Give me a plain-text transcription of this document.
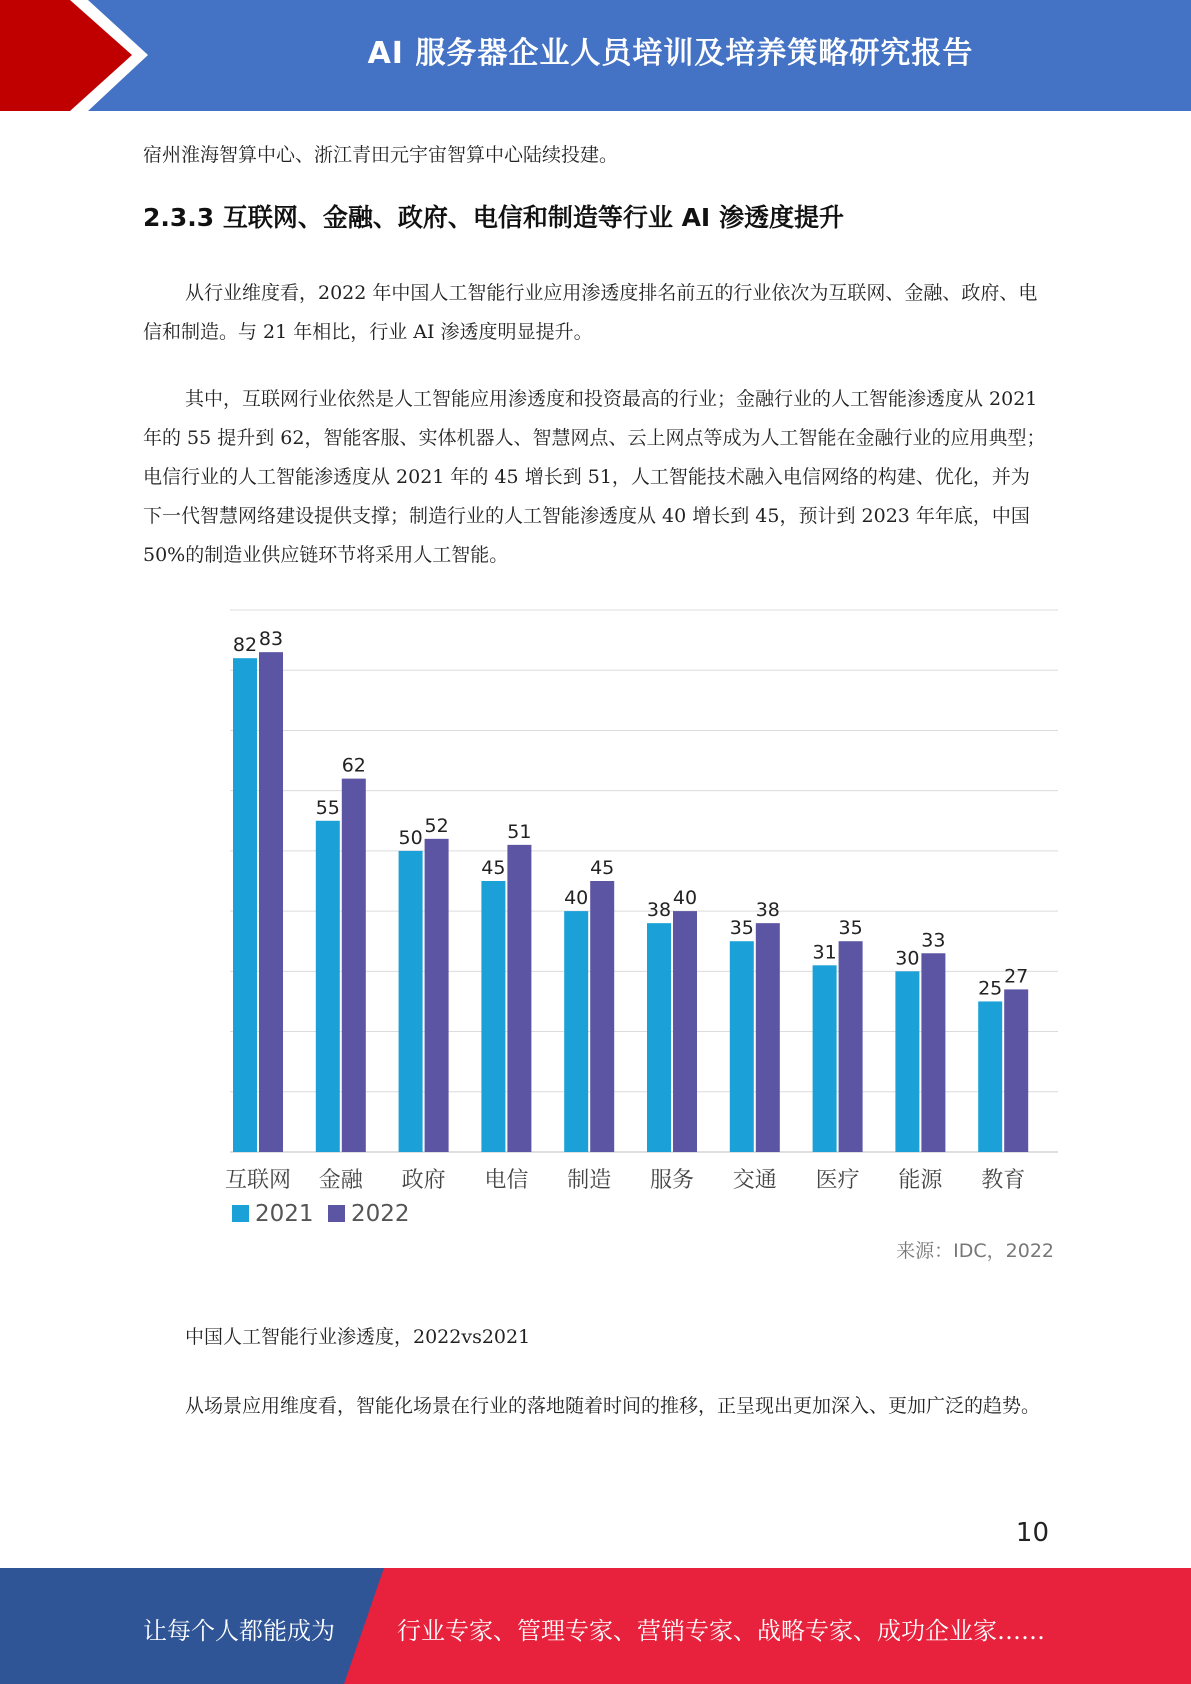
AI 服务器企业人员培训及培养策略研究报告

宿州淮海智算中心、浙江青田元宇宙智算中心陆续投建。

2.3.3 互联网、金融、政府、电信和制造等行业 AI 渗透度提升

从行业维度看，2022 年中国人工智能行业应用渗透度排名前五的行业依次为互联网、金融、政府、电信和制造。与 21 年相比，行业 AI 渗透度明显提升。

其中，互联网行业依然是人工智能应用渗透度和投资最高的行业；金融行业的人工智能渗透度从 2021 年的 55 提升到 62，智能客服、实体机器人、智慧网点、云上网点等成为人工智能在金融行业的应用典型；电信行业的人工智能渗透度从 2021 年的 45 增长到 51，人工智能技术融入电信网络的构建、优化，并为下一代智慧网络建设提供支撑；制造行业的人工智能渗透度从 40 增长到 45，预计到 2023 年年底，中国 50%的制造业供应链环节将采用人工智能。

82 83
互联网
55
62
金融
50
52
政府
45
51
电信
40
45
制造
38
40
服务
35
38
交通
31
35
医疗
30
33
能源
25
27
教育
2021 2022
来源：IDC，2022

中国人工智能行业渗透度，2022vs2021

从场景应用维度看，智能化场景在行业的落地随着时间的推移，正呈现出更加深入、更加广泛的趋势。

10
让每个人都能成为	行业专家、管理专家、营销专家、战略专家、成功企业家……
